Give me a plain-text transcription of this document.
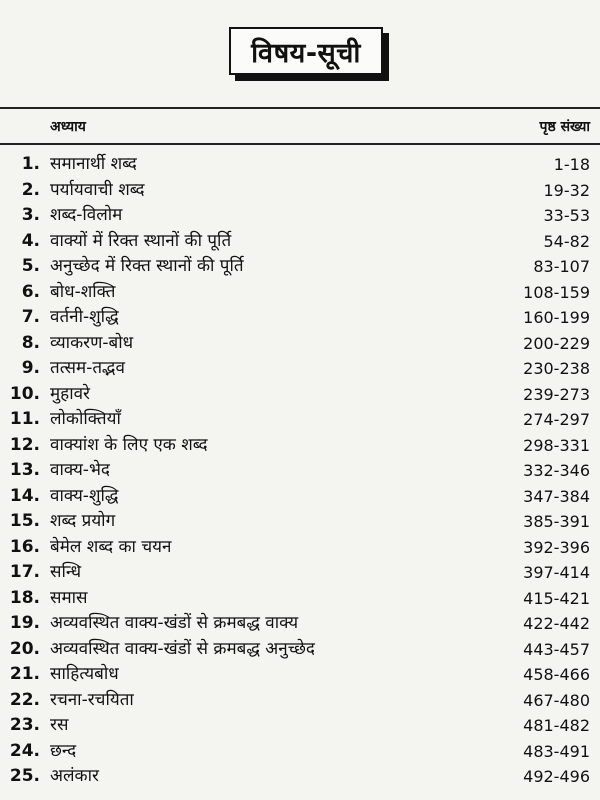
विषय-सूची
अध्याय	पृष्ठ संख्या
1. समानार्थी शब्द	1-18
2. पर्यायवाची शब्द	19-32
3. शब्द-विलोम	33-53
4. वाक्यों में रिक्त स्थानों की पूर्ति	54-82
5. अनुच्छेद में रिक्त स्थानों की पूर्ति	83-107
6. बोध-शक्ति	108-159
7. वर्तनी-शुद्धि	160-199
8. व्याकरण-बोध	200-229
9. तत्सम-तद्भव	230-238
10. मुहावरे	239-273
11. लोकोक्तियाँ	274-297
12. वाक्यांश के लिए एक शब्द	298-331
13. वाक्य-भेद	332-346
14. वाक्य-शुद्धि	347-384
15. शब्द प्रयोग	385-391
16. बेमेल शब्द का चयन	392-396
17. सन्धि	397-414
18. समास	415-421
19. अव्यवस्थित वाक्य-खंडों से क्रमबद्ध वाक्य	422-442
20. अव्यवस्थित वाक्य-खंडों से क्रमबद्ध अनुच्छेद	443-457
21. साहित्यबोध	458-466
22. रचना-रचयिता	467-480
23. रस	481-482
24. छन्द	483-491
25. अलंकार	492-496
